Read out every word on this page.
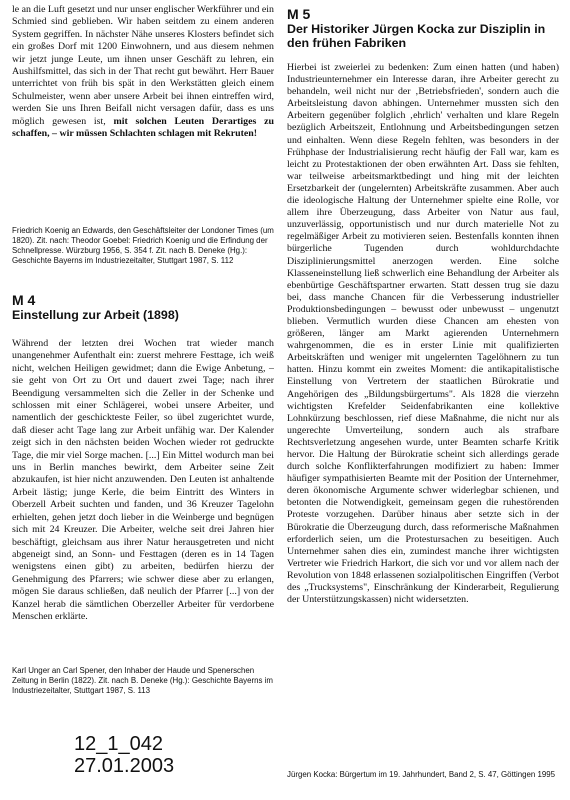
le an die Luft gesetzt und nur unser englischer Werkführer und ein Schmied sind geblieben. Wir haben seitdem zu einem anderen System gegriffen. In nächster Nähe unseres Klosters befindet sich ein großes Dorf mit 1200 Einwohnern, und aus diesem nehmen wir jetzt junge Leute, um ihnen unser Geschäft zu lehren, ein Aushilfsmittel, das sich in der That recht gut bewährt. Herr Bauer unterrichtet von früh bis spät in den Werkstätten gleich einem Schulmeister, wenn aber unsere Arbeit bei ihnen eintreffen wird, werden Sie uns Ihren Beifall nicht versagen dafür, dass es uns möglich gewesen ist, mit solchen Leuten Derartiges zu schaffen, – wir müssen Schlachten schlagen mit Rekruten!

Friedrich Koenig an Edwards, den Geschäftsleiter der Londoner Times (um 1820). Zit. nach: Theodor Goebel: Friedrich Koenig und die Erfindung der Schnellpresse. Würzburg 1956, S. 354 f. Zit. nach B. Deneke (Hg.): Geschichte Bayerns im Industriezeitalter, Stuttgart 1987, S. 112

M 4

Einstellung zur Arbeit (1898)

Während der letzten drei Wochen trat wieder manch unangenehmer Aufenthalt ein: zuerst mehrere Festtage, ich weiß nicht, welchen Heiligen gewidmet; dann die Ewige Anbetung, – sie geht von Ort zu Ort und dauert zwei Tage; nach ihrer Beendigung versammelten sich die Zeller in der Schenke und schlossen mit einer Schlägerei, wobei unsere Arbeiter, und namentlich der geschickteste Feiler, so übel zugerichtet wurde, daß dieser acht Tage lang zur Arbeit unfähig war. Der Kalender zeigt sich in den nächsten beiden Wochen wieder rot gedruckte Tage, die mir viel Sorge machen. [...] Ein Mittel wodurch man bei uns in Berlin manches bewirkt, dem Arbeiter seine Zeit abzukaufen, ist hier nicht anzuwenden. Den Leuten ist anhaltende Arbeit lästig; junge Kerle, die beim Eintritt des Winters in Oberzell Arbeit suchten und fanden, und 36 Kreuzer Tagelohn erhielten, gehen jetzt doch lieber in die Weinberge und begnügen sich mit 24 Kreuzer. Die Arbeiter, welche seit drei Jahren hier beschäftigt, gleichsam aus ihrer Natur herausgetreten und nicht abgeneigt sind, an Sonn- und Festtagen (deren es in 14 Tagen wenigstens einen gibt) zu arbeiten, bedürfen hierzu der Genehmigung des Pfarrers; wie schwer diese aber zu erlangen, mögen Sie daraus schließen, daß neulich der Pfarrer [...] von der Kanzel herab die sämtlichen Oberzeller Arbeiter für verdorbene Menschen erklärte.

Karl Unger an Carl Spener, den Inhaber der Haude und Spenerschen Zeitung in Berlin (1822). Zit. nach B. Deneke (Hg.): Geschichte Bayerns im Industriezeitalter, Stuttgart 1987, S. 113

12_1_042

27.01.2003

M 5

Der Historiker Jürgen Kocka zur Disziplin in den frühen Fabriken

Hierbei ist zweierlei zu bedenken: Zum einen hatten (und haben) Industrieunternehmer ein Interesse daran, ihre Arbeiter gerecht zu behandeln, weil nicht nur der ‚Betriebsfrieden', sondern auch die Arbeitsleistung davon abhingen. Unternehmer mussten sich den Arbeitern gegenüber folglich ‚ehrlich' verhalten und klare Regeln bezüglich Arbeitszeit, Entlohnung und Arbeitsbedingungen setzen und einhalten. Wenn diese Regeln fehlten, was besonders in der Frühphase der Industrialisierung recht häufig der Fall war, kam es leicht zu Protestaktionen der oben erwähnten Art. Dass sie fehlten, war teilweise arbeitsmarktbedingt und hing mit der leichten Ersetzbarkeit der (ungelernten) Arbeitskräfte zusammen. Aber auch die ideologische Haltung der Unternehmer spielte eine Rolle, vor allem ihre Überzeugung, dass Arbeiter von Natur aus faul, unzuverlässig, opportunistisch und nur durch materielle Not zu regelmäßiger Arbeit zu motivieren seien. Bestenfalls konnten ihnen bürgerliche Tugenden durch wohldurchdachte Disziplinierungsmittel anerzogen werden. Eine solche Klasseneinstellung ließ schwerlich eine Behandlung der Arbeiter als ebenbürtige Geschäftspartner erwarten. Statt dessen trug sie dazu bei, dass manche Chancen für die Verbesserung industrieller Produktionsbedingungen – bewusst oder unbewusst – ungenutzt blieben. Vermutlich wurden diese Chancen am ehesten von größeren, länger am Markt agierenden Unternehmern wahrgenommen, die es in erster Linie mit qualifizierten Arbeitskräften und weniger mit ungelernten Tagelöhnern zu tun hatten. Hinzu kommt ein zweites Moment: die antikapitalistische Einstellung von Vertretern der staatlichen Bürokratie und Angehörigen des „Bildungsbürgertums". Als 1828 die vierzehn wichtigsten Krefelder Seidenfabrikanten eine kollektive Lohnkürzung beschlossen, rief diese Maßnahme, die nicht nur als ungerechte Umverteilung, sondern auch als strafbare Rechtsverletzung angesehen wurde, unter Beamten scharfe Kritik hervor. Die Haltung der Bürokratie scheint sich allerdings gerade durch solche Konflikterfahrungen modifiziert zu haben: Immer häufiger sympathisierten Beamte mit der Position der Unternehmer, deren ökonomische Argumente schwer widerlegbar schienen, und betonten die Notwendigkeit, gemeinsam gegen die ruhestörenden Proteste vorzugehen. Darüber hinaus aber setzte sich in der Bürokratie die Überzeugung durch, dass reformerische Maßnahmen erforderlich seien, um die Protestursachen zu beseitigen. Auch Unternehmer sahen dies ein, zumindest manche ihrer wichtigsten Vertreter wie Friedrich Harkort, die sich vor und vor allem nach der Revolution von 1848 erlassenen sozialpolitischen Eingriffen (Verbot des „Trucksystems", Einschränkung der Kinderarbeit, Regulierung der Unterstützungskassen) nicht widersetzten.

Jürgen Kocka: Bürgertum im 19. Jahrhundert, Band 2, S. 47, Göttingen 1995
